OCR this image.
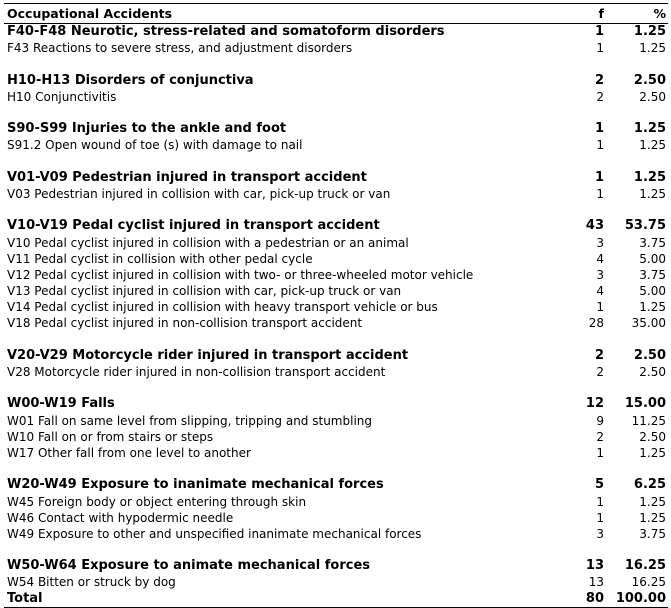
Occupational Accidents	f	%
F40-F48 Neurotic, stress-related and somatoform disorders	1	1.25
F43 Reactions to severe stress, and adjustment disorders	1	1.25
H10-H13 Disorders of conjunctiva	2	2.50
H10 Conjunctivitis	2	2.50
S90-S99 Injuries to the ankle and foot	1	1.25
S91.2 Open wound of toe (s) with damage to nail	1	1.25
V01-V09 Pedestrian injured in transport accident	1	1.25
V03 Pedestrian injured in collision with car, pick-up truck or van	1	1.25
V10-V19 Pedal cyclist injured in transport accident	43	53.75
V10 Pedal cyclist injured in collision with a pedestrian or an animal	3	3.75
V11 Pedal cyclist in collision with other pedal cycle	4	5.00
V12 Pedal cyclist injured in collision with two- or three-wheeled motor vehicle	3	3.75
V13 Pedal cyclist injured in collision with car, pick-up truck or van	4	5.00
V14 Pedal cyclist injured in collision with heavy transport vehicle or bus	1	1.25
V18 Pedal cyclist injured in non-collision transport accident	28	35.00
V20-V29 Motorcycle rider injured in transport accident	2	2.50
V28 Motorcycle rider injured in non-collision transport accident	2	2.50
W00-W19 Falls	12	15.00
W01 Fall on same level from slipping, tripping and stumbling	9	11.25
W10 Fall on or from stairs or steps	2	2.50
W17 Other fall from one level to another	1	1.25
W20-W49 Exposure to inanimate mechanical forces	5	6.25
W45 Foreign body or object entering through skin	1	1.25
W46 Contact with hypodermic needle	1	1.25
W49 Exposure to other and unspecified inanimate mechanical forces	3	3.75
W50-W64 Exposure to animate mechanical forces	13	16.25
W54 Bitten or struck by dog	13	16.25
Total	80 100.00
